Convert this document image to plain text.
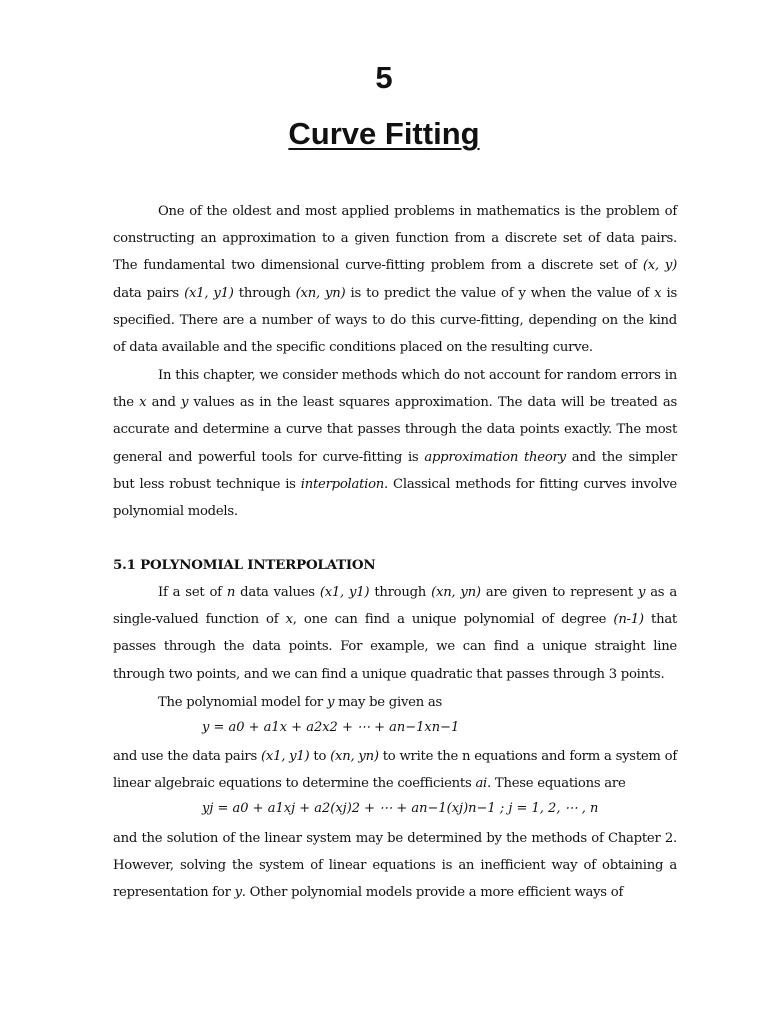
5
Curve Fitting
One of the oldest and most applied problems in mathematics is the problem of constructing an approximation to a given function from a discrete set of data pairs. The fundamental two dimensional curve-fitting problem from a discrete set of (x, y) data pairs (x1, y1) through (xn, yn) is to predict the value of y when the value of x is specified. There are a number of ways to do this curve-fitting, depending on the kind of data available and the specific conditions placed on the resulting curve.
In this chapter, we consider methods which do not account for random errors in the x and y values as in the least squares approximation. The data will be treated as accurate and determine a curve that passes through the data points exactly. The most general and powerful tools for curve-fitting is approximation theory and the simpler but less robust technique is interpolation. Classical methods for fitting curves involve polynomial models.
5.1 POLYNOMIAL INTERPOLATION
If a set of n data values (x1, y1) through (xn, yn) are given to represent y as a single-valued function of x, one can find a unique polynomial of degree (n-1) that passes through the data points. For example, we can find a unique straight line through two points, and we can find a unique quadratic that passes through 3 points.
The polynomial model for y may be given as
y = a0 + a1x + a2x2 + ⋯ + an−1xn−1
and use the data pairs (x1, y1) to (xn, yn) to write the n equations and form a system of linear algebraic equations to determine the coefficients ai. These equations are
yj = a0 + a1xj + a2(xj)2 + ⋯ + an−1(xj)n−1 ; j = 1, 2, ⋯ , n
and the solution of the linear system may be determined by the methods of Chapter 2. However, solving the system of linear equations is an inefficient way of obtaining a representation for y. Other polynomial models provide a more efficient ways of
